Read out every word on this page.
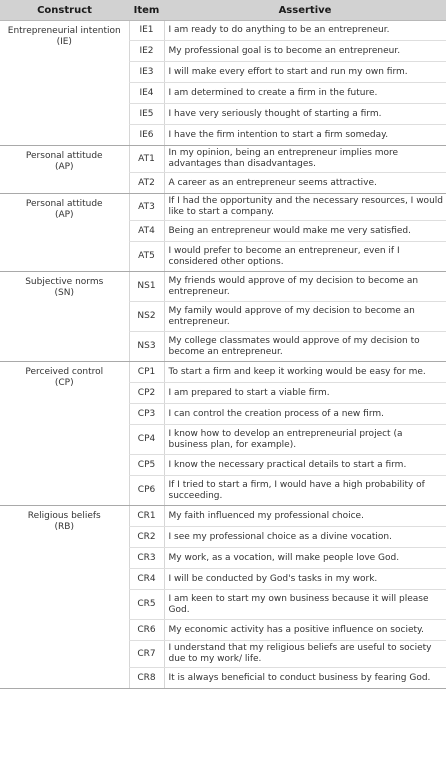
Construct	Item	Assertive

Entrepreneurial intention
(IE)	IE1	I am ready to do anything to be an entrepreneur.
	IE2	My professional goal is to become an entrepreneur.
	IE3	I will make every effort to start and run my own firm.
	IE4	I am determined to create a firm in the future.
	IE5	I have very seriously thought of starting a firm.
	IE6	I have the firm intention to start a firm someday.

Personal attitude
(AP)	AT1	In my opinion, being an entrepreneur implies more advantages than disadvantages.
	AT2	A career as an entrepreneur seems attractive.

Personal attitude
(AP)	AT3	If I had the opportunity and the necessary resources, I would like to start a company.
	AT4	Being an entrepreneur would make me very satisfied.
	AT5	I would prefer to become an entrepreneur, even if I considered other options.

Subjective norms
(SN)	NS1	My friends would approve of my decision to become an entrepreneur.
	NS2	My family would approve of my decision to become an entrepreneur.
	NS3	My college classmates would approve of my decision to become an entrepreneur.

Perceived control
(CP)	CP1	To start a firm and keep it working would be easy for me.
	CP2	I am prepared to start a viable firm.
	CP3	I can control the creation process of a new firm.
	CP4	I know how to develop an entrepreneurial project (a business plan, for example).
	CP5	I know the necessary practical details to start a firm.
	CP6	If I tried to start a firm, I would have a high probability of succeeding.

Religious beliefs
(RB)	CR1	My faith influenced my professional choice.
	CR2	I see my professional choice as a divine vocation.
	CR3	My work, as a vocation, will make people love God.
	CR4	I will be conducted by God's tasks in my work.
	CR5	I am keen to start my own business because it will please God.
	CR6	My economic activity has a positive influence on society.
	CR7	I understand that my religious beliefs are useful to society due to my work/ life.
	CR8	It is always beneficial to conduct business by fearing God.
